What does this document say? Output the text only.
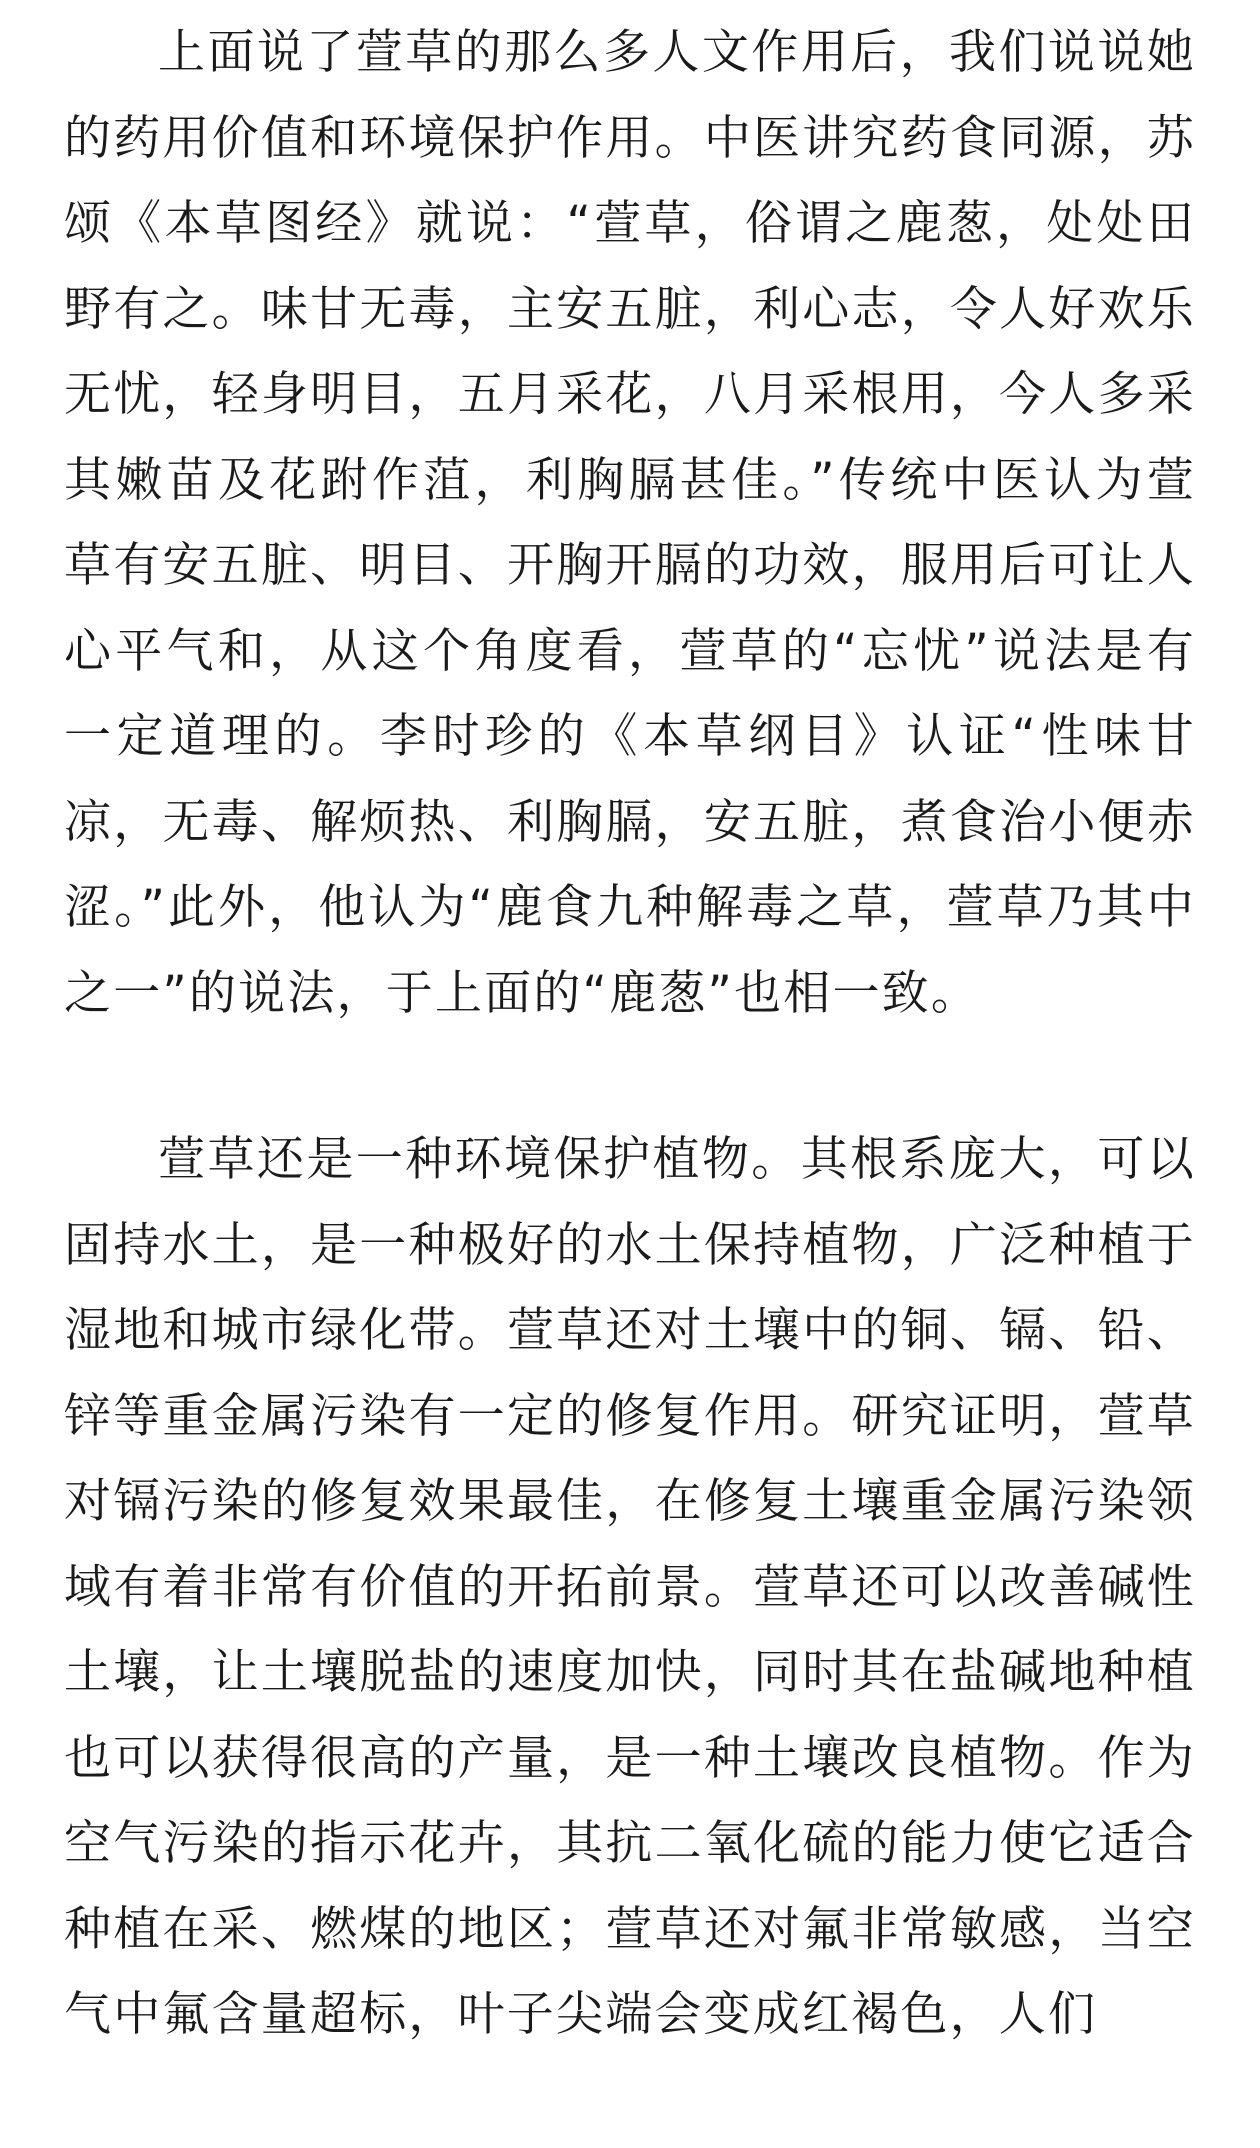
上面说了萱草的那么多人文作用后，我们说说她的药用价值和环境保护作用。中医讲究药食同源，苏颂《本草图经》就说：“萱草，俗谓之鹿葱，处处田野有之。味甘无毒，主安五脏，利心志，令人好欢乐无忧，轻身明目，五月采花，八月采根用，今人多采其嫩苗及花跗作菹，利胸膈甚佳。”传统中医认为萱草有安五脏、明目、开胸开膈的功效，服用后可让人心平气和，从这个角度看，萱草的“忘忧”说法是有一定道理的。李时珍的《本草纲目》认证“性味甘凉，无毒、解烦热、利胸膈，安五脏，煮食治小便赤涩。”此外，他认为“鹿食九种解毒之草，萱草乃其中之一”的说法，于上面的“鹿葱”也相一致。

萱草还是一种环境保护植物。其根系庞大，可以固持水土，是一种极好的水土保持植物，广泛种植于湿地和城市绿化带。萱草还对土壤中的铜、镉、铅、锌等重金属污染有一定的修复作用。研究证明，萱草对镉污染的修复效果最佳，在修复土壤重金属污染领域有着非常有价值的开拓前景。萱草还可以改善碱性土壤，让土壤脱盐的速度加快，同时其在盐碱地种植也可以获得很高的产量，是一种土壤改良植物。作为空气污染的指示花卉，其抗二氧化硫的能力使它适合种植在采、燃煤的地区；萱草还对氟非常敏感，当空气中氟含量超标，叶子尖端会变成红褐色，人们
